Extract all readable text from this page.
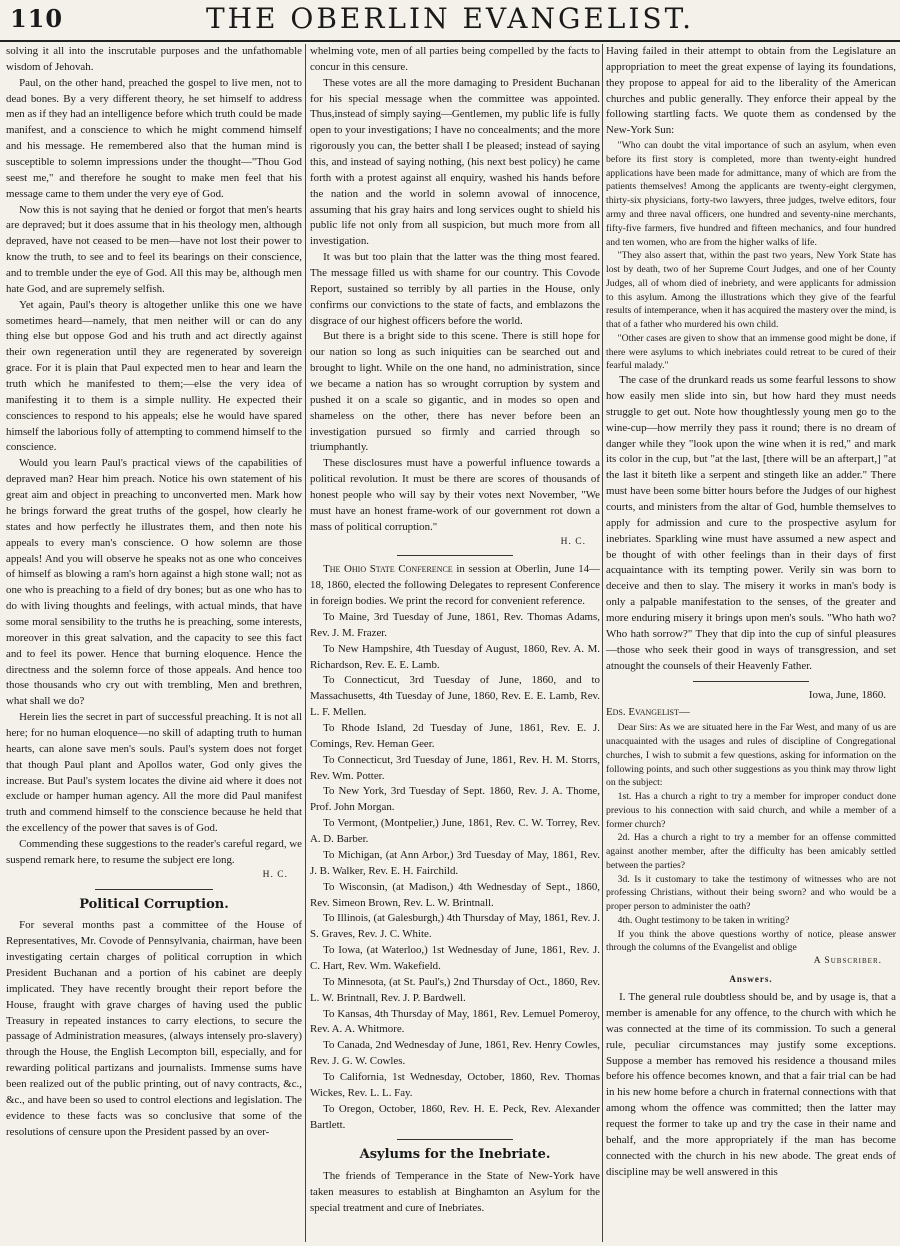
110	THE OBERLIN EVANGELIST.

solving it all into the inscrutable purposes and the unfathomable wisdom of Jehovah.

Paul, on the other hand, preached the gospel to live men, not to dead bones. By a very different theory, he set himself to address men as if they had an intelligence before which truth could be made manifest, and a conscience to which he might commend himself and his message. He remembered also that the human mind is susceptible to solemn impressions under the thought—"Thou God seest me," and therefore he sought to make men feel that his message came to them under the very eye of God.

Now this is not saying that he denied or forgot that men's hearts are depraved; but it does assume that in his theology men, although depraved, have not ceased to be men—have not lost their power to know the truth, to see and to feel its bearings on their conscience, and to tremble under the eye of God. All this may be, although men hate God, and are supremely selfish.

Yet again, Paul's theory is altogether unlike this one we have sometimes heard—namely, that men neither will or can do any thing else but oppose God and his truth and act directly against their own regeneration until they are regenerated by sovereign grace. For it is plain that Paul expected men to hear and learn the truth which he manifested to them;—else the very idea of manifesting it to them is a simple nullity. He expected their consciences to respond to his appeals; else he would have spared himself the laborious folly of attempting to commend himself to the conscience.

Would you learn Paul's practical views of the capabilities of depraved man? Hear him preach. Notice his own statement of his great aim and object in preaching to unconverted men. Mark how he brings forward the great truths of the gospel, how clearly he states and how perfectly he illustrates them, and then note his appeals to every man's conscience. O how solemn are those appeals! And you will observe he speaks not as one who conceives of himself as blowing a ram's horn against a high stone wall; not as one who is preaching to a field of dry bones; but as one who has to do with living thoughts and feelings, with actual minds, that have some moral sensibility to the truths he is preaching, some interests, moreover in this great salvation, and the capacity to see this fact and to feel its power. Hence that burning eloquence. Hence the directness and the solemn force of those appeals. And hence too those thousands who cry out with trembling, Men and brethren, what shall we do?

Herein lies the secret in part of successful preaching. It is not all here; for no human eloquence—no skill of adapting truth to human hearts, can alone save men's souls. Paul's system does not forget that though Paul plant and Apollos water, God only gives the increase. But Paul's system locates the divine aid where it does not exclude or hamper human agency. All the more did Paul manifest truth and commend himself to the conscience because he held that the excellency of the power that saves is of God.

Commending these suggestions to the reader's careful regard, we suspend remark here, to resume the subject ere long.

H. C.

Political Corruption.

For several months past a committee of the House of Representatives, Mr. Covode of Pennsylvania, chairman, have been investigating certain charges of political corruption in which President Buchanan and a portion of his cabinet are deeply implicated. They have recently brought their report before the House, fraught with grave charges of having used the public Treasury in repeated instances to carry elections, to secure the passage of Administration measures, (always intensely pro-slavery) through the House, the English Lecompton bill, especially, and for rewarding political partizans and journalists. Immense sums have been realized out of the public printing, out of navy contracts, &c., &c., and have been so used to control elections and legislation. The evidence to these facts was so conclusive that some of the resolutions of censure upon the President passed by an over-

whelming vote, men of all parties being compelled by the facts to concur in this censure.

These votes are all the more damaging to President Buchanan for his special message when the committee was appointed. Thus,instead of simply saying—Gentlemen, my public life is fully open to your investigations; I have no concealments; and the more rigorously you can, the better shall I be pleased; instead of saying this, and instead of saying nothing, (his next best policy) he came forth with a protest against all enquiry, washed his hands before the nation and the world in solemn avowal of innocence, assuming that his gray hairs and long services ought to shield his public life not only from all suspicion, but much more from all investigation.

It was but too plain that the latter was the thing most feared. The message filled us with shame for our country. This Covode Report, sustained so terribly by all parties in the House, only confirms our convictions to the state of facts, and emblazons the disgrace of our highest officers before the world.

But there is a bright side to this scene. There is still hope for our nation so long as such iniquities can be searched out and brought to light. While on the one hand, no administration, since we became a nation has so wrought corruption by system and pushed it on a scale so gigantic, and in modes so open and shameless on the other, there has never before been an investigation pursued so firmly and carried through so triumphantly.

These disclosures must have a powerful influence towards a political revolution. It must be there are scores of thousands of honest people who will say by their votes next November, "We must have an honest frame-work of our government rot down a mass of political corruption."

H. C.

The Ohio State Conference in session at Oberlin, June 14—18, 1860, elected the following Delegates to represent Conference in foreign bodies. We print the record for convenient reference.

To Maine, 3rd Tuesday of June, 1861, Rev. Thomas Adams, Rev. J. M. Frazer.

To New Hampshire, 4th Tuesday of August, 1860, Rev. A. M. Richardson, Rev. E. E. Lamb.

To Connecticut, 3rd Tuesday of June, 1860, and to Massachusetts, 4th Tuesday of June, 1860, Rev. E. E. Lamb, Rev. L. F. Mellen.

To Rhode Island, 2d Tuesday of June, 1861, Rev. E. J. Comings, Rev. Heman Geer.

To Connecticut, 3rd Tuesday of June, 1861, Rev. H. M. Storrs, Rev. Wm. Potter.

To New York, 3rd Tuesday of Sept. 1860, Rev. J. A. Thome, Prof. John Morgan.

To Vermont, (Montpelier,) June, 1861, Rev. C. W. Torrey, Rev. A. D. Barber.

To Michigan, (at Ann Arbor,) 3rd Tuesday of May, 1861, Rev. J. B. Walker, Rev. E. H. Fairchild.

To Wisconsin, (at Madison,) 4th Wednesday of Sept., 1860, Rev. Simeon Brown, Rev. L. W. Brintnall.

To Illinois, (at Galesburgh,) 4th Thursday of May, 1861, Rev. J. S. Graves, Rev. J. C. White.

To Iowa, (at Waterloo,) 1st Wednesday of June, 1861, Rev. J. C. Hart, Rev. Wm. Wakefield.

To Minnesota, (at St. Paul's,) 2nd Thursday of Oct., 1860, Rev. L. W. Brintnall, Rev. J. P. Bardwell.

To Kansas, 4th Thursday of May, 1861, Rev. Lemuel Pomeroy, Rev. A. A. Whitmore.

To Canada, 2nd Wednesday of June, 1861, Rev. Henry Cowles, Rev. J. G. W. Cowles.

To California, 1st Wednesday, October, 1860, Rev. Thomas Wickes, Rev. L. L. Fay.

To Oregon, October, 1860, Rev. H. E. Peck, Rev. Alexander Bartlett.

Asylums for the Inebriate.

The friends of Temperance in the State of New-York have taken measures to establish at Binghamton an Asylum for the special treatment and cure of Inebriates.

Having failed in their attempt to obtain from the Legislature an appropriation to meet the great expense of laying its foundations, they propose to appeal for aid to the liberality of the American churches and public generally. They enforce their appeal by the following startling facts. We quote them as condensed by the New-York Sun:

"Who can doubt the vital importance of such an asylum, when even before its first story is completed, more than twenty-eight hundred applications have been made for admittance, many of which are from the patients themselves! Among the applicants are twenty-eight clergymen, thirty-six physicians, forty-two lawyers, three judges, twelve editors, four army and three naval officers, one hundred and seventy-nine merchants, fifty-five farmers, five hundred and fifteen mechanics, and four hundred and ten women, who are from the higher walks of life.

"They also assert that, within the past two years, New York State has lost by death, two of her Supreme Court Judges, and one of her County Judges, all of whom died of inebriety, and were applicants for admission to this asylum. Among the illustrations which they give of the fearful results of intemperance, when it has acquired the mastery over the mind, is that of a father who murdered his own child.

"Other cases are given to show that an immense good might be done, if there were asylums to which inebriates could retreat to be cured of their fearful malady."

The case of the drunkard reads us some fearful lessons to show how easily men slide into sin, but how hard they must needs struggle to get out. Note how thoughtlessly young men go to the wine-cup—how merrily they pass it round; there is no dream of danger while they "look upon the wine when it is red," and mark its color in the cup, but "at the last, [there will be an afterpart,] "at the last it biteth like a serpent and stingeth like an adder." There must have been some bitter hours before the Judges of our highest courts, and ministers from the altar of God, humble themselves to apply for admission and cure to the prospective asylum for inebriates. Sparkling wine must have assumed a new aspect and be thought of with other feelings than in their days of first acquaintance with its tempting power. Verily sin was born to deceive and then to slay. The misery it works in man's body is only a palpable manifestation to the senses, of the greater and more enduring misery it brings upon men's souls. "Who hath wo? Who hath sorrow?" They that dip into the cup of sinful pleasures—those who seek their good in ways of transgression, and set atnought the counsels of their Heavenly Father.

Iowa, June, 1860.

Eds. Evangelist—

Dear Sirs: As we are situated here in the Far West, and many of us are unacquainted with the usages and rules of discipline of Congregational churches, I wish to submit a few questions, asking for information on the following points, and such other suggestions as you think may throw light on the subject:

1st. Has a church a right to try a member for improper conduct done previous to his connection with said church, and while a member of a former church?

2d. Has a church a right to try a member for an offense committed against another member, after the difficulty has been amicably settled between the parties?

3d. Is it customary to take the testimony of witnesses who are not professing Christians, without their being sworn? and who would be a proper person to administer the oath?

4th. Ought testimony to be taken in writing?

If you think the above questions worthy of notice, please answer through the columns of the Evangelist and oblige

A Subscriber.

Answers.

I. The general rule doubtless should be, and by usage is, that a member is amenable for any offence, to the church with which he was connected at the time of its commission. To such a general rule, peculiar circumstances may justify some exceptions. Suppose a member has removed his residence a thousand miles before his offence becomes known, and that a fair trial can be had in his new home before a church in fraternal connections with that among whom the offence was committed; then the latter may request the former to take up and try the case in their name and behalf, and the more appropriately if the man has become connected with the church in his new abode. The great ends of discipline may be well answered in this
